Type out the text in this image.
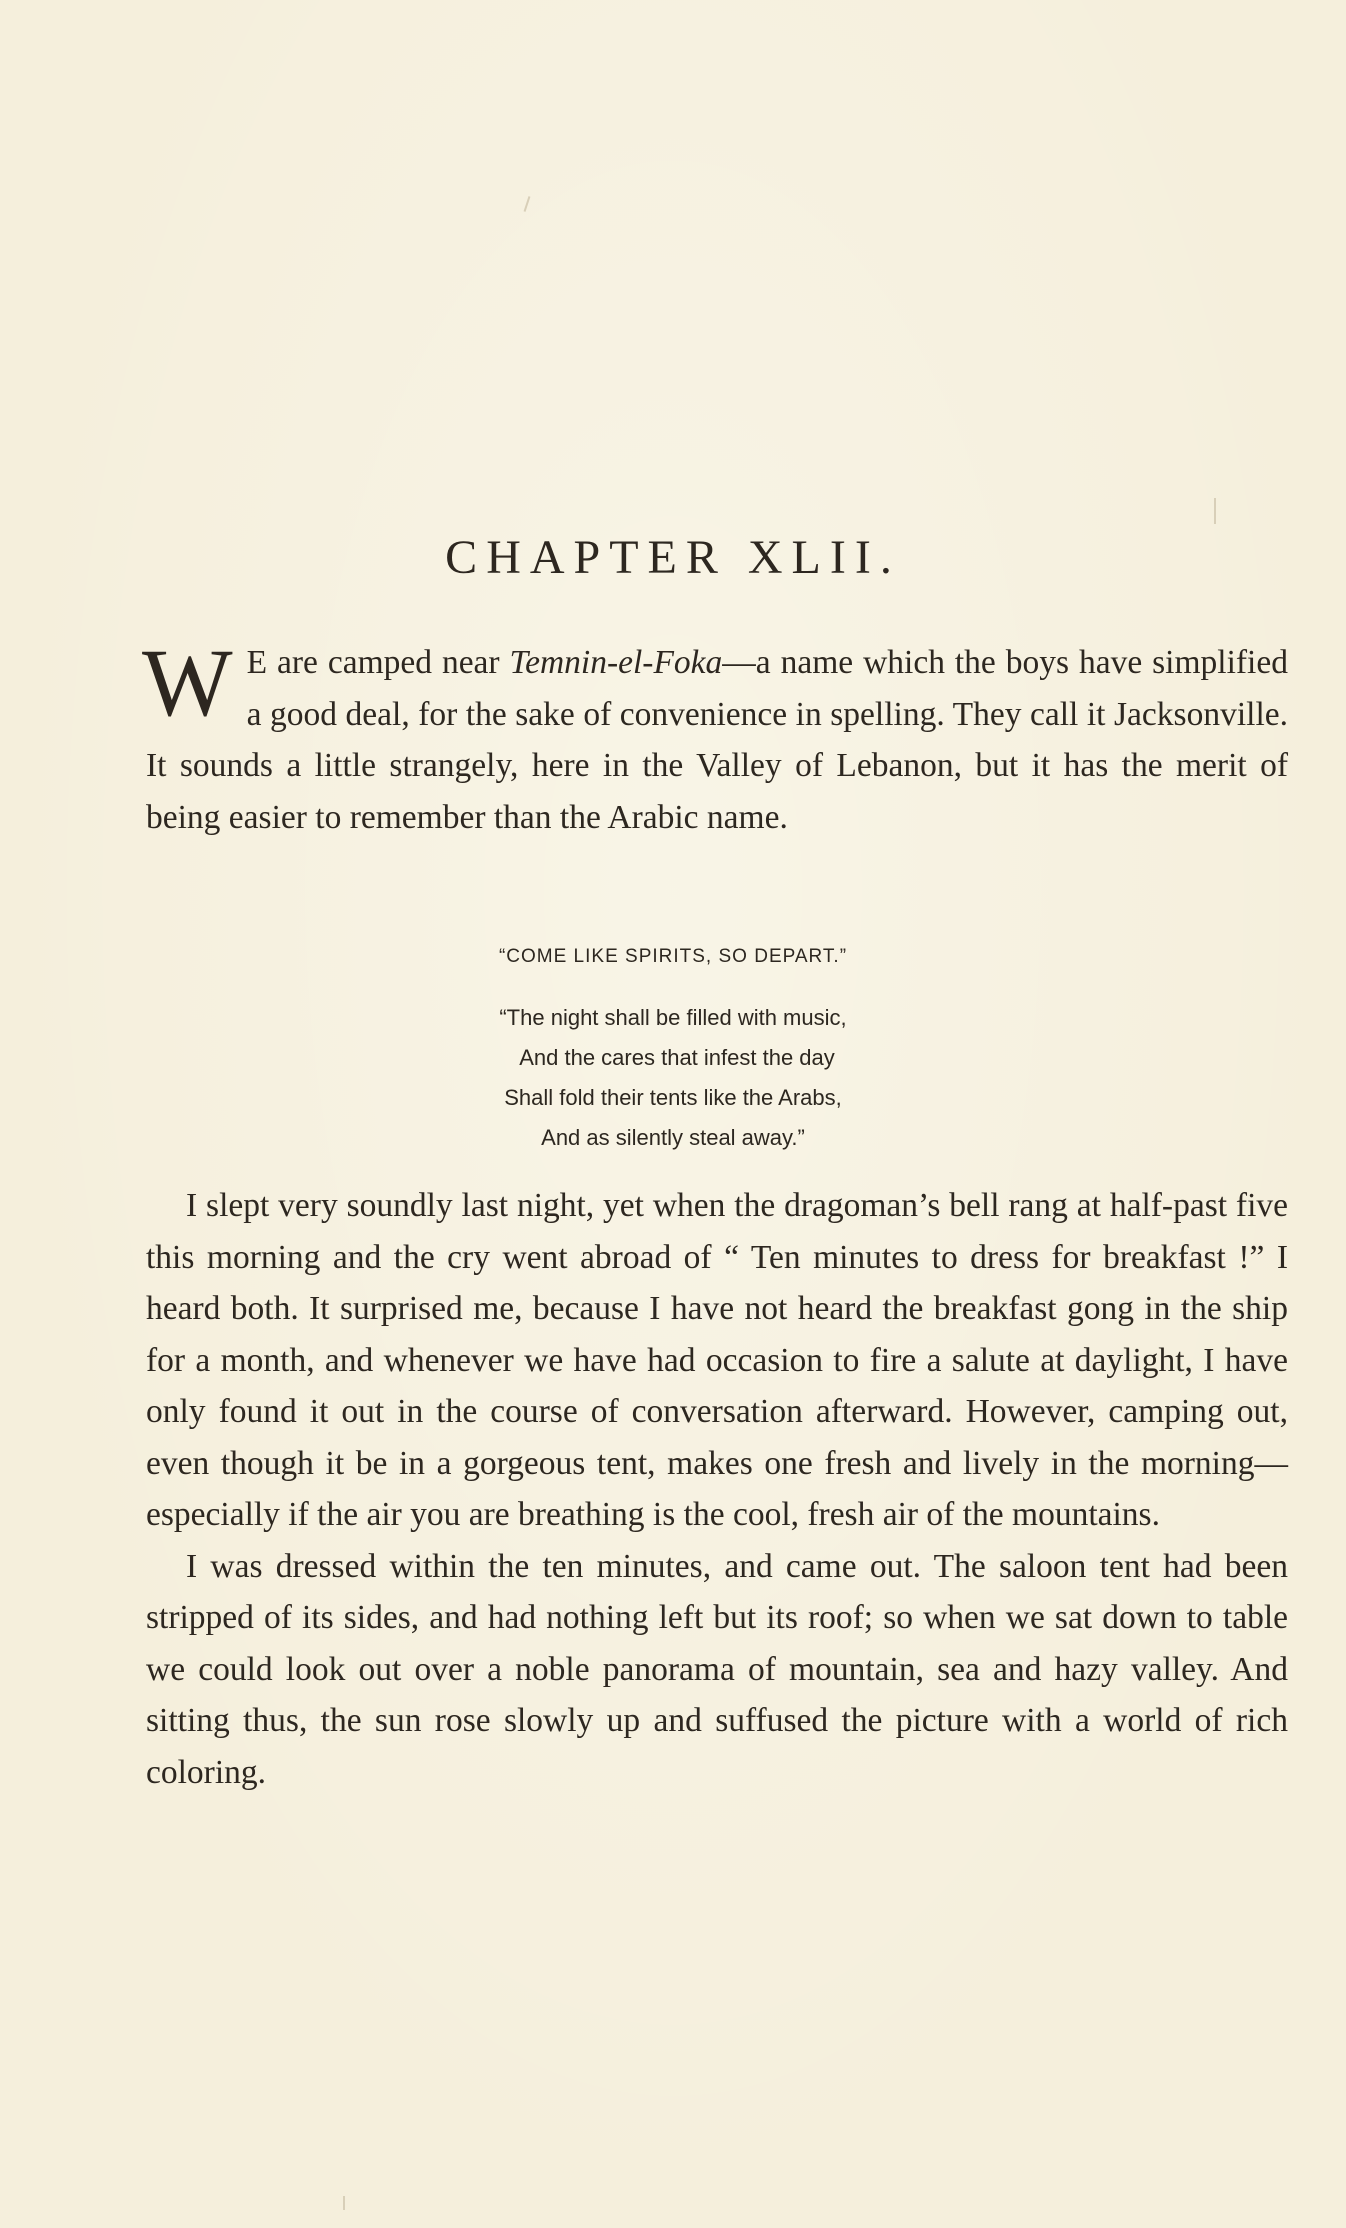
CHAPTER XLII.

W E are camped near Temnin-el-Foka—a name which the boys have simplified a good deal, for the sake of convenience in spelling. They call it Jacksonville. It sounds a little strangely, here in the Valley of Lebanon, but it has the merit of being easier to remember than the Arabic name.

“COME LIKE SPIRITS, SO DEPART.”
“The night shall be filled with music,
And the cares that infest the day
Shall fold their tents like the Arabs,
And as silently steal away.”

I slept very soundly last night, yet when the dragoman’s bell rang at half-past five this morning and the cry went abroad of “ Ten minutes to dress for breakfast !” I heard both. It surprised me, because I have not heard the breakfast gong in the ship for a month, and whenever we have had occasion to fire a salute at daylight, I have only found it out in the course of conversation afterward. However, camping out, even though it be in a gorgeous tent, makes one fresh and lively in the morning—especially if the air you are breathing is the cool, fresh air of the mountains.

I was dressed within the ten minutes, and came out. The saloon tent had been stripped of its sides, and had nothing left but its roof; so when we sat down to table we could look out over a noble panorama of mountain, sea and hazy valley. And sitting thus, the sun rose slowly up and suffused the picture with a world of rich coloring.
